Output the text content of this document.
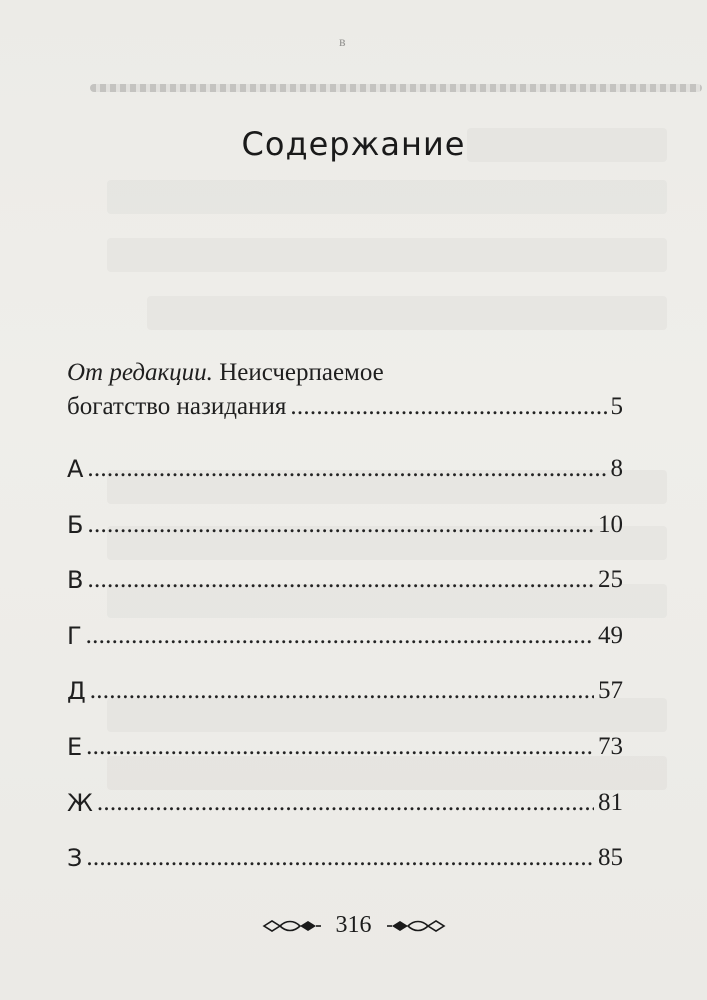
в
Содержание
От редакции. Неисчерпаемое
богатство назидания . . .	5
А . . .	8
Б . . .	10
В . . .	25
Г . . .	49
Д . . .	57
Е . . .	73
Ж . . .	81
З . . .	85
316
